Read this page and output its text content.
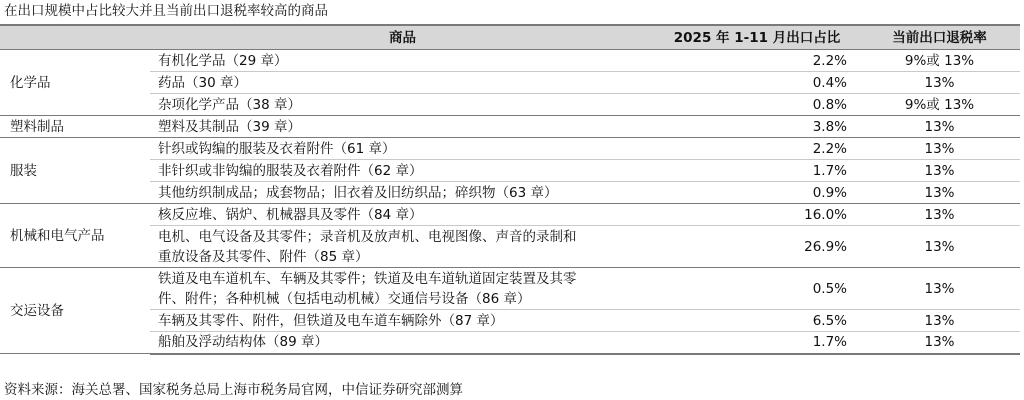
在出口规模中占比较大并且当前出口退税率较高的商品
	商品	2025 年 1-11 月出口占比	当前出口退税率
化学品	有机化学品（29 章）	2.2%	9%或 13%
	药品（30 章）	0.4%	13%
	杂项化学产品（38 章）	0.8%	9%或 13%
塑料制品	塑料及其制品（39 章）	3.8%	13%
服装	针织或钩编的服装及衣着附件（61 章）	2.2%	13%
	非针织或非钩编的服装及衣着附件（62 章）	1.7%	13%
	其他纺织制成品；成套物品；旧衣着及旧纺织品；碎织物（63 章）	0.9%	13%
机械和电气产品	核反应堆、锅炉、机械器具及零件（84 章）	16.0%	13%

	电机、电气设备及其零件；录音机及放声机、电视图像、声音的录制和
重放设备及其零件、附件（85 章）	26.9%	13%
交运设备	铁道及电车道机车、车辆及其零件；铁道及电车道轨道固定装置及其零
件、附件；各种机械（包括电动机械）交通信号设备（86 章）	0.5%	13%
	车辆及其零件、附件，但铁道及电车道车辆除外（87 章）	6.5%	13%
	船舶及浮动结构体（89 章）	1.7%	13%
资料来源：海关总署、国家税务总局上海市税务局官网，中信证券研究部测算
